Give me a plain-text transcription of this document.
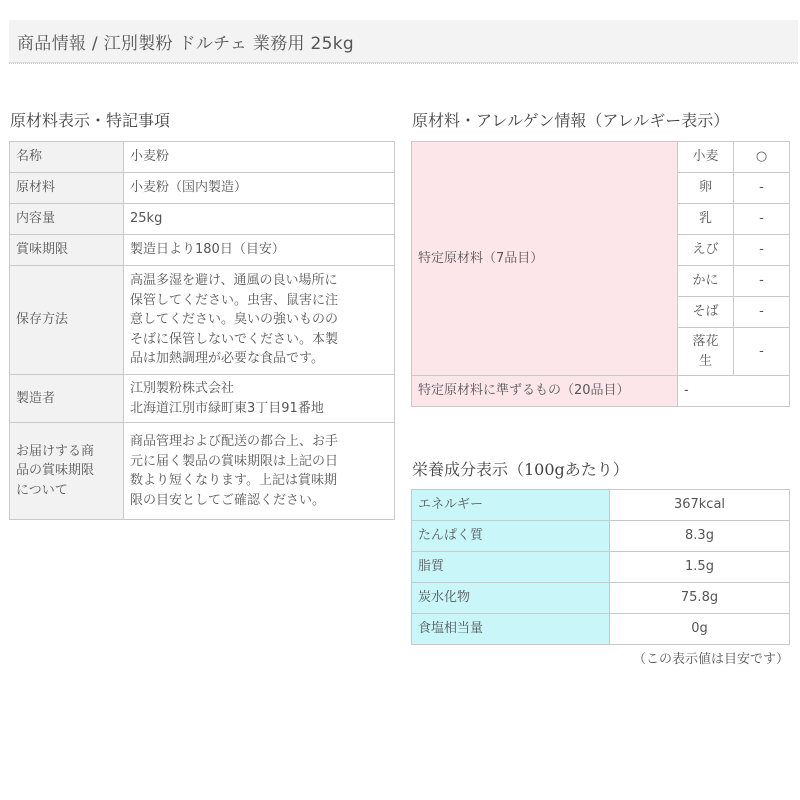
商品情報 / 江別製粉 ドルチェ 業務用 25kg
原材料表示・特記事項
名称	小麦粉
原材料	小麦粉（国内製造）
内容量	25kg
賞味期限	製造日より180日（目安）
保存方法	高温多湿を避け、通風の良い場所に
保管してください。虫害、鼠害に注
意してください。臭いの強いものの
そばに保管しないでください。本製
品は加熱調理が必要な食品です。

製造者	江別製粉株式会社
北海道江別市緑町東3丁目91番地

お届けする商
品の賞味期限
について	商品管理および配送の都合上、お手
元に届く製品の賞味期限は上記の日
数より短くなります。上記は賞味期
限の目安としてご確認ください。
原材料・アレルゲン情報（アレルギー表示）
特定原材料（7品目）	小麦	○

	卵	-

	乳	-

	えび	-

	かに	-

	そば	-

	落花
生	-
特定原材料に準ずるもの（20品目）	-	
栄養成分表示（100gあたり）
エネルギー	367kcal
たんぱく質	8.3g
脂質	1.5g
炭水化物	75.8g
食塩相当量	0g
（この表示値は目安です）
